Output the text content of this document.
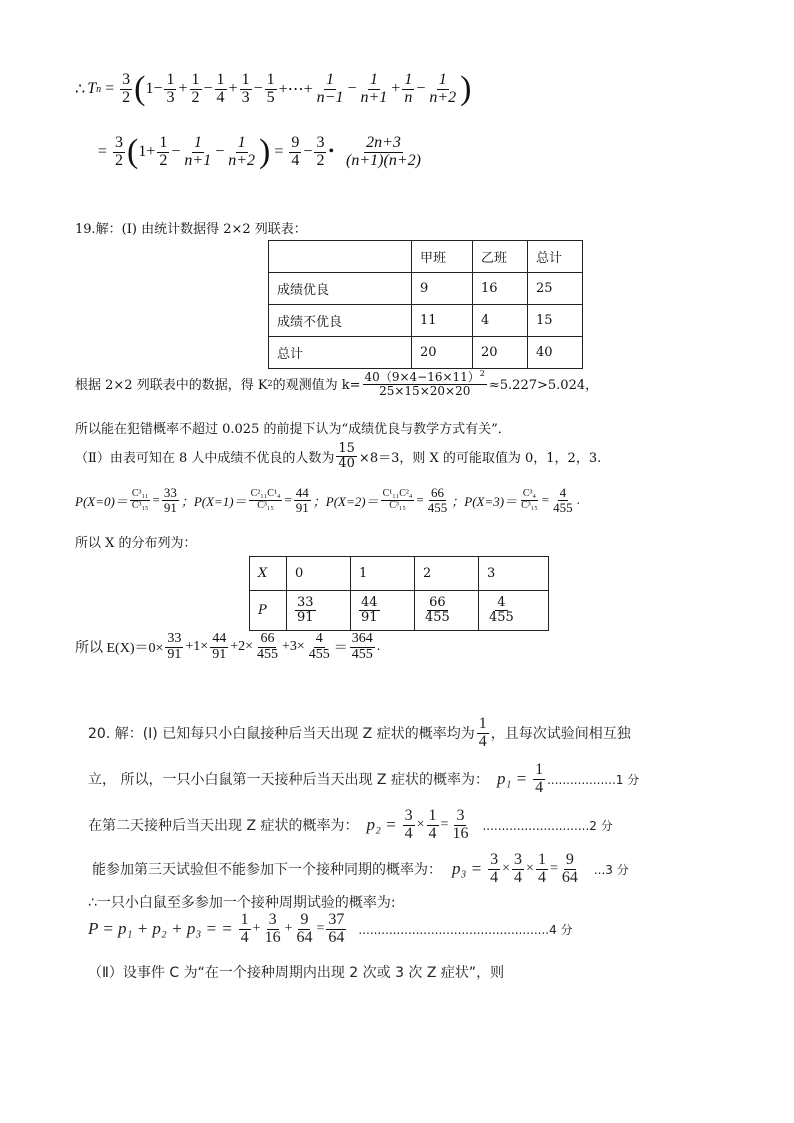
∴ T $n = \frac{3}{2}$ ( $1 - \frac{1}{3} + \frac{1}{2} - \frac{1}{4} + \frac{1}{3} - \frac{1}{5}$ +⋯+ $\frac{1}{n-1} - \frac{1}{n+1} + \frac{1}{n} - \frac{1}{n+2}$ )
= $\frac{3}{2}$ ( $1 + \frac{1}{2} - \frac{1}{n+1} - \frac{1}{n+2}$ ) = $\frac{9}{4} - \frac{3}{2}$ • $\frac{2n+3}{(n+1)(n+2)}$
19.解：(Ⅰ) 由统计数据得 2×2 列联表：
	甲班	乙班	总计
成绩优良	9	16	25
成绩不优良	11	4	15
总计	20	20	40
根据 2×2 列联表中的数据，得 K 2 的观测值为 $k= \frac{40(9\times 4-16\times 11)^2}{25\times 15\times 20\times 20} \approx 5.227>5.024$，
所以能在犯错概率不超过 0.025 的前提下认为“成绩优良与教学方式有关”．
（Ⅱ）由表可知在 8 人中成绩不优良的人数为 $\frac{15}{40} \times 8=3$，则 X 的可能取值为 0，1，2，3.
$P(X=0)= \frac{\text{C³₁₁}}{\text{C³₁₅}} = \frac{33}{91}$ ；$P(X=1)= \frac{\text{C²₁₁C¹₄}}{\text{C³₁₅}} = \frac{44}{91}$ ；$P(X=2)= \frac{\text{C¹₁₁C²₄}}{\text{C³₁₅}} = \frac{66}{455}$ ；$P(X=3)= \frac{\text{C³₄}}{\text{C³₁₅}} = \frac{4}{455}$ .
所以 X 的分布列为：
X	0	1	2	3
P	$\frac{33}{91}$	$\frac{44}{91}$	$\frac{66}{455}$	$\frac{4}{455}$
所以 $E(X)=0\times \frac{33}{91} +1\times \frac{44}{91} +2\times \frac{66}{455} +3\times \frac{4}{455} = \frac{364}{455}$ .
20. 解：(Ⅰ) 已知每只小白鼠接种后当天出现 Z 症状的概率均为 $\frac{1}{4}$ ，且每次试验间相互独
立， 所以，一只小白鼠第一天接种后当天出现 Z 症状的概率为： $p_1 = \frac{1}{4} ..................1$ 分
在第二天接种后当天出现 Z 症状的概率为： $p_2 = \frac{3}{4} \times \frac{1}{4} = \frac{3}{16} ............................2$ 分
能参加第三天试验但不能参加下一个接种同期的概率为： $p_3 = \frac{3}{4} \times \frac{3}{4} \times \frac{1}{4} = \frac{9}{64} ...3$ 分
∴一只小白鼠至多参加一个接种周期试验的概率为:
P = p₁ + p₂ + p₃ = = $\frac{1}{4} + \frac{3}{16} + \frac{9}{64} = \frac{37}{64} ..................................................4$ 分
（Ⅱ）设事件 C 为“在一个接种周期内出现 2 次或 3 次 Z 症状”，则
